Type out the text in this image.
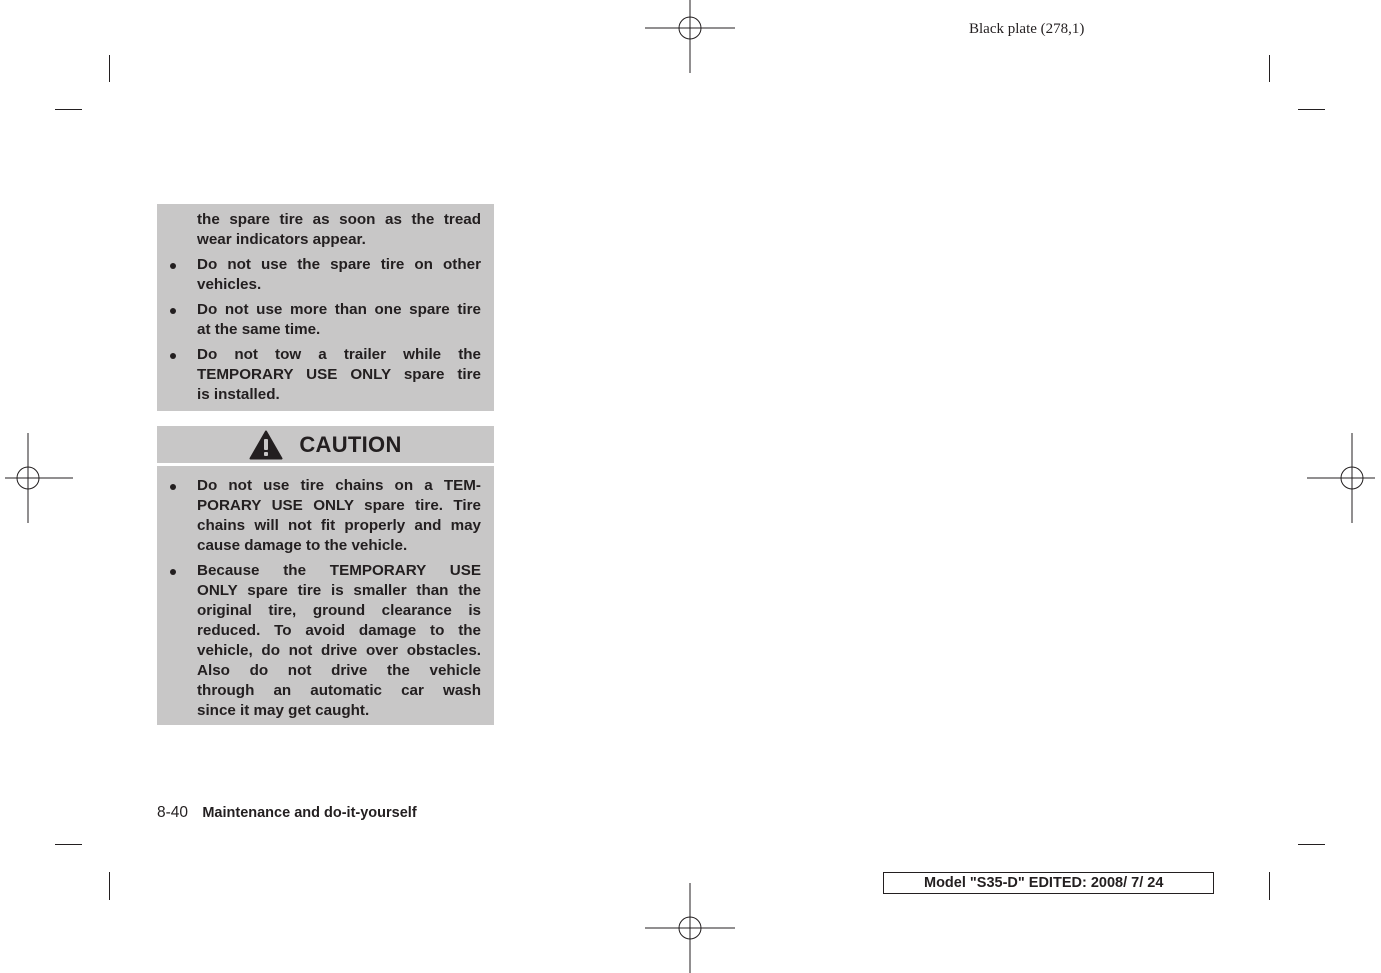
Black plate (278,1)
the spare tire as soon as the tread
wear indicators appear.
Do not use the spare tire on other
vehicles.
Do not use more than one spare tire
at the same time.
Do not tow a trailer while the
TEMPORARY USE ONLY spare tire
is installed.
CAUTION
Do not use tire chains on a TEM-
PORARY USE ONLY spare tire. Tire
chains will not fit properly and may
cause damage to the vehicle.
Because the TEMPORARY USE
ONLY spare tire is smaller than the
original tire, ground clearance is
reduced. To avoid damage to the
vehicle, do not drive over obstacles.
Also do not drive the vehicle
through an automatic car wash
since it may get caught.
8-40 Maintenance and do-it-yourself
Model "S35-D" EDITED: 2008/ 7/ 24
